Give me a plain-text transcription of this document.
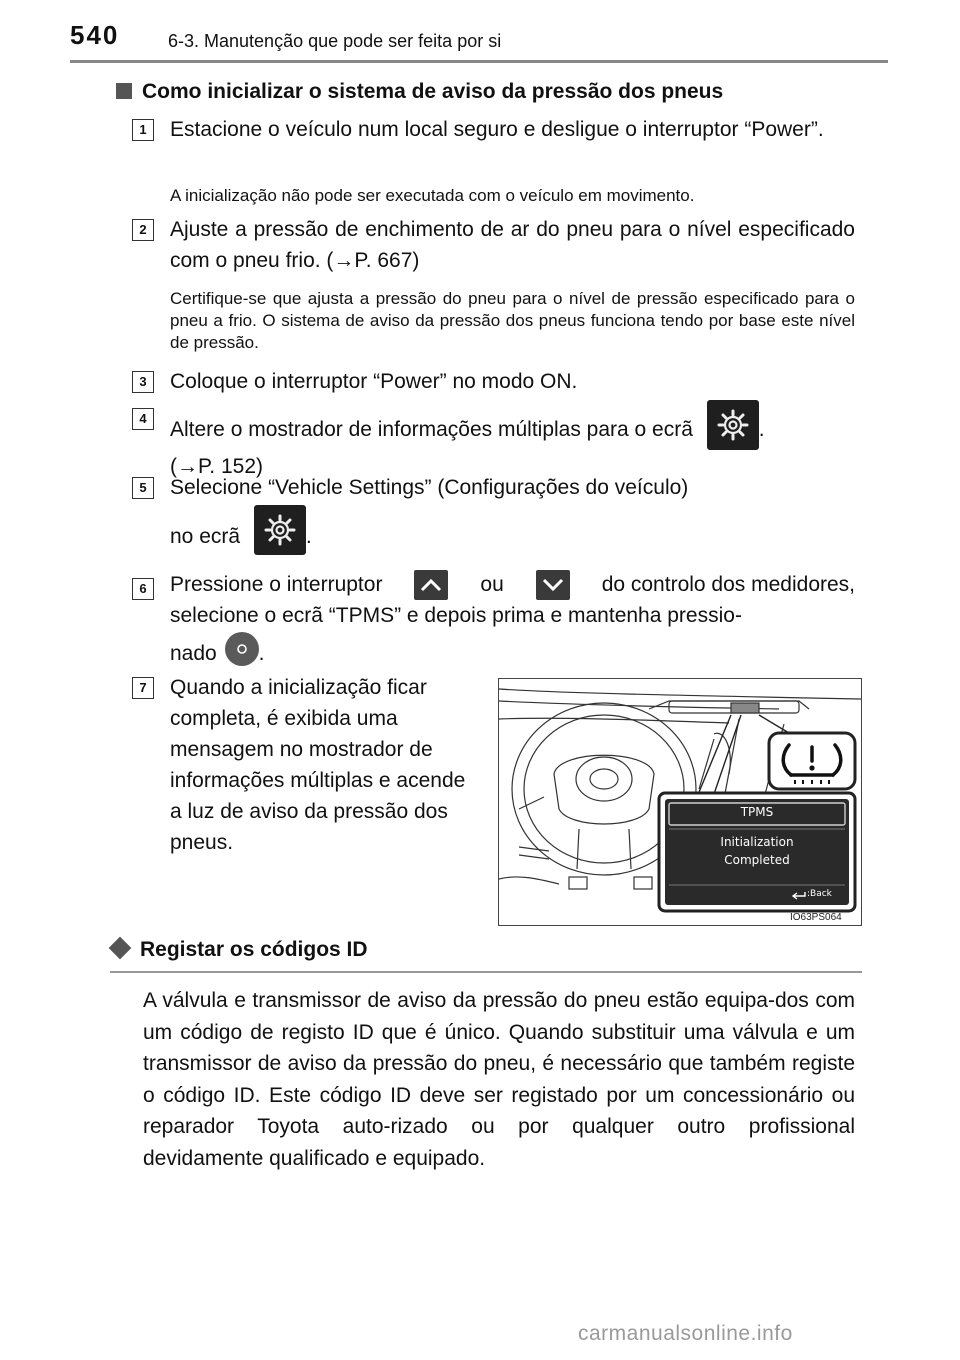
540	6-3. Manutenção que pode ser feita por si
Como inicializar o sistema de aviso da pressão dos pneus
1	Estacione o veículo num local seguro e desligue o interruptor “Power”.
A inicialização não pode ser executada com o veículo em movimento.
2	Ajuste a pressão de enchimento de ar do pneu para o nível especificado com o pneu frio. (→P. 667)
Certifique-se que ajusta a pressão do pneu para o nível de pressão especificado para o pneu a frio. O sistema de aviso da pressão dos pneus funciona tendo por base este nível de pressão.
3	Coloque o interruptor “Power” no modo ON.
4	Altere o mostrador de informações múltiplas para o ecrã	.
(→P. 152)
5	Selecione “Vehicle Settings” (Configurações do veículo)
no ecrã	.
6	Pressione o interruptor	ou	do controlo dos medidores,
selecione o ecrã “TPMS” e depois prima e mantenha pressio-
nado
.
7	Quando a inicialização ficar completa, é exibida uma mensagem no mostrador de informações múltiplas e acende a luz de aviso da pressão dos pneus.
TPMS
Initialization
Completed
:Back
IO63PS064
Registar os códigos ID
A válvula e transmissor de aviso da pressão do pneu estão equipa-dos com um código de registo ID que é único. Quando substituir uma válvula e um transmissor de aviso da pressão do pneu, é necessário que também registe o código ID. Este código ID deve ser registado por um concessionário ou reparador Toyota auto-rizado ou por qualquer outro profissional devidamente qualificado e equipado.
carmanualsonline.info
